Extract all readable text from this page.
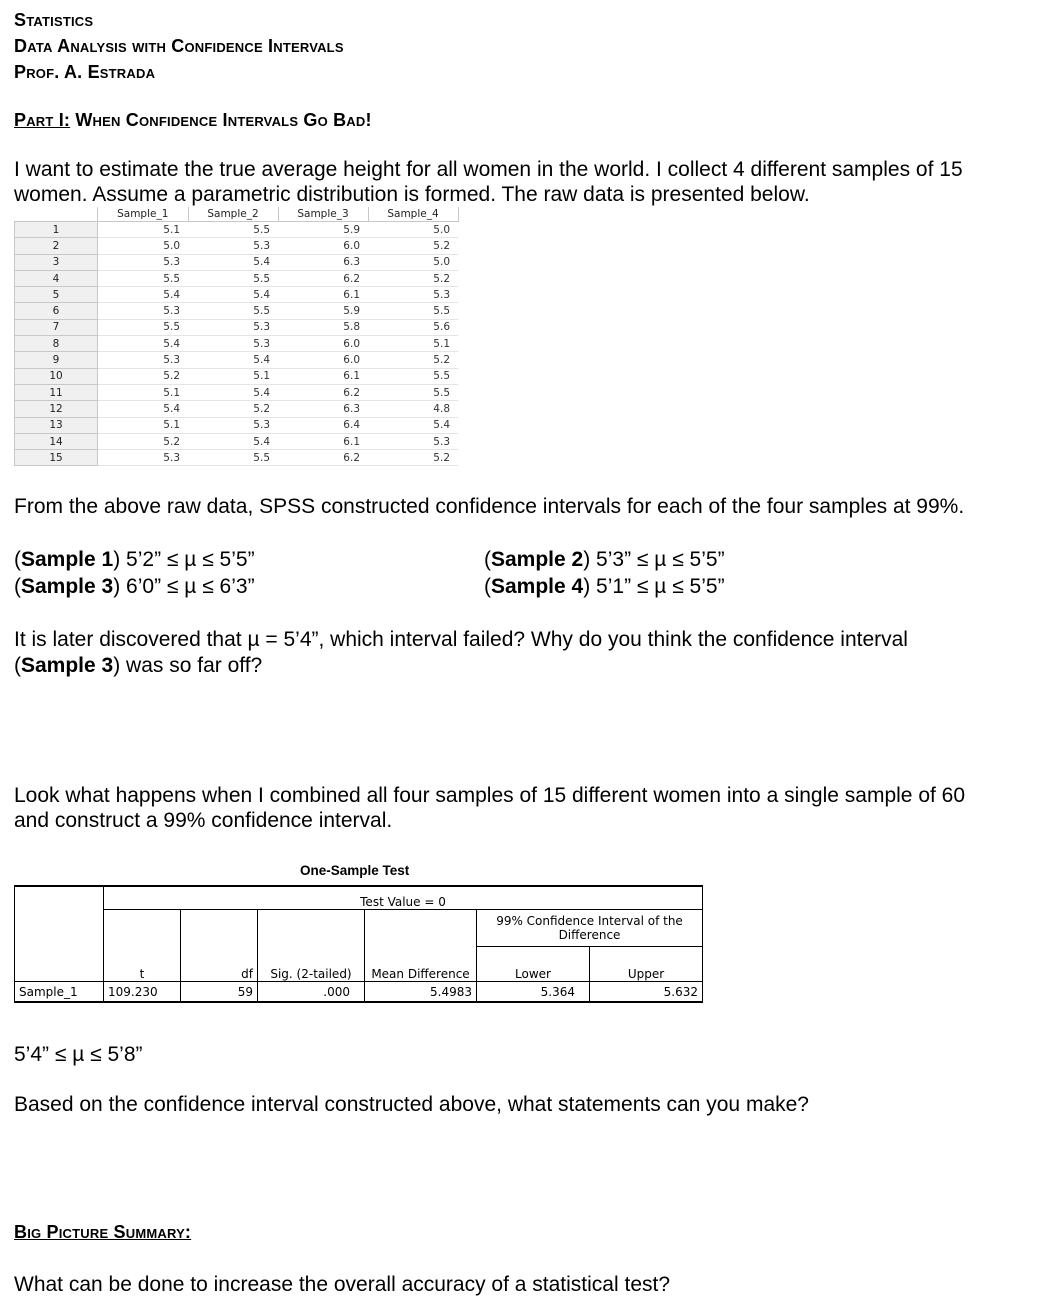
Statistics
Data Analysis with Confidence Intervals
Prof. A. Estrada
Part I: When Confidence Intervals Go Bad!
I want to estimate the true average height for all women in the world. I collect 4 different samples of 15
women. Assume a parametric distribution is formed. The raw data is presented below.
	Sample_1	Sample_2	Sample_3	Sample_4
1	5.1	5.5	5.9	5.0
2	5.0	5.3	6.0	5.2
3	5.3	5.4	6.3	5.0
4	5.5	5.5	6.2	5.2
5	5.4	5.4	6.1	5.3
6	5.3	5.5	5.9	5.5
7	5.5	5.3	5.8	5.6
8	5.4	5.3	6.0	5.1
9	5.3	5.4	6.0	5.2
10	5.2	5.1	6.1	5.5
11	5.1	5.4	6.2	5.5
12	5.4	5.2	6.3	4.8
13	5.1	5.3	6.4	5.4
14	5.2	5.4	6.1	5.3
15	5.3	5.5	6.2	5.2
From the above raw data, SPSS constructed confidence intervals for each of the four samples at 99%.
(Sample 1) 5’2” ≤ µ ≤ 5’5”	(Sample 2) 5’3” ≤ µ ≤ 5’5”
(Sample 3) 6’0” ≤ µ ≤ 6’3”	(Sample 4) 5’1” ≤ µ ≤ 5’5”
It is later discovered that µ = 5’4”, which interval failed? Why do you think the confidence interval
(Sample 3) was so far off?
Look what happens when I combined all four samples of 15 different women into a single sample of 60
and construct a 99% confidence interval.
One-Sample Test
	Test Value = 0					
	t	df	Sig. (2-tailed)	Mean Difference	99% Confidence Interval of the Difference	
					Lower	Upper
Sample_1	109.230	59	.000	5.4983	5.364	5.632
5’4” ≤ µ ≤ 5’8”
Based on the confidence interval constructed above, what statements can you make?
Big Picture Summary:
What can be done to increase the overall accuracy of a statistical test?
